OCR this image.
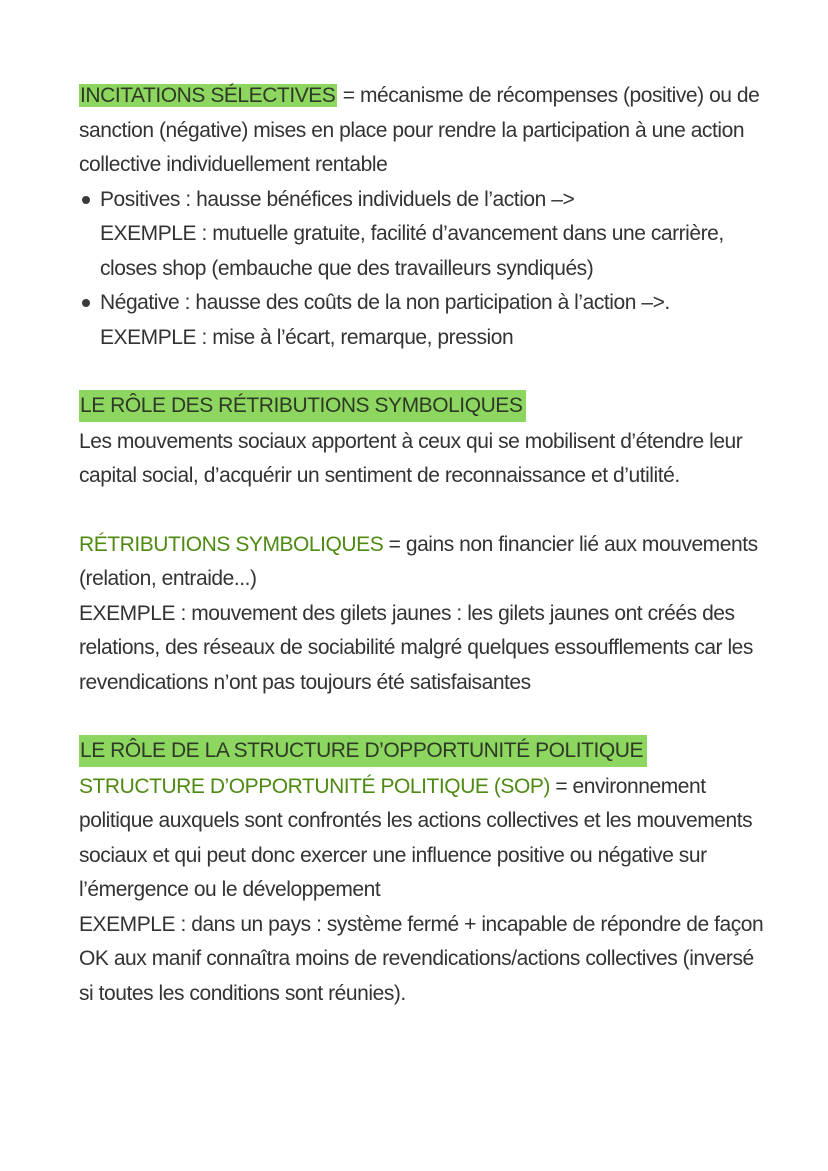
INCITATIONS SÉLECTIVES = mécanisme de récompenses (positive) ou de sanction (négative) mises en place pour rendre la participation à une action collective individuellement rentable

Positives : hausse bénéfices individuels de l’action –>
EXEMPLE : mutuelle gratuite, facilité d’avancement dans une carrière, closes shop (embauche que des travailleurs syndiqués)
Négative : hausse des coûts de la non participation à l’action –>.
EXEMPLE : mise à l’écart, remarque, pression

LE RÔLE DES RÉTRIBUTIONS SYMBOLIQUES

Les mouvements sociaux apportent à ceux qui se mobilisent d’étendre leur capital social, d’acquérir un sentiment de reconnaissance et d’utilité.

RÉTRIBUTIONS SYMBOLIQUES = gains non financier lié aux mouvements (relation, entraide...)

EXEMPLE : mouvement des gilets jaunes : les gilets jaunes ont créés des relations, des réseaux de sociabilité malgré quelques essoufflements car les revendications n’ont pas toujours été satisfaisantes

LE RÔLE DE LA STRUCTURE D’OPPORTUNITÉ POLITIQUE

STRUCTURE D’OPPORTUNITÉ POLITIQUE (SOP) = environnement politique auxquels sont confrontés les actions collectives et les mouvements sociaux et qui peut donc exercer une influence positive ou négative sur l’émergence ou le développement

EXEMPLE : dans un pays : système fermé + incapable de répondre de façon OK aux manif connaîtra moins de revendications/actions collectives (inversé si toutes les conditions sont réunies).
